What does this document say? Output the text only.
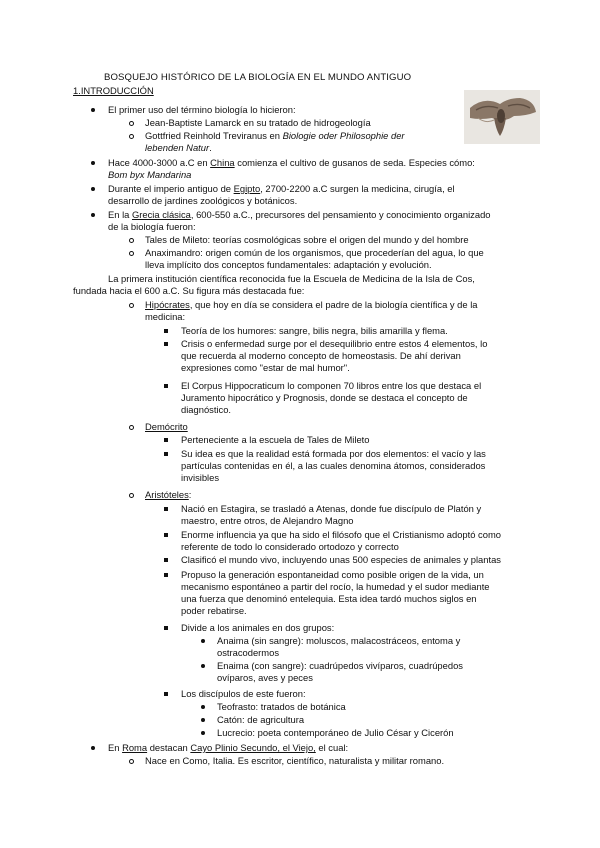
BOSQUEJO HISTÓRICO DE LA BIOLOGÍA EN EL MUNDO ANTIGUO
1.INTRODUCCIÓN
El primer uso del término biología lo hicieron:
Jean-Baptiste Lamarck en su tratado de hidrogeología
Gottfried Reinhold Treviranus en Biologie oder Philosophie der
lebenden Natur.
Hace 4000-3000 a.C en China comienza el cultivo de gusanos de seda. Especies cómo:
Bom byx Mandarina
Durante el imperio antiguo de Egipto, 2700-2200 a.C surgen la medicina, cirugía, el
desarrollo de jardines zoológicos y botánicos.
En la Grecia clásica, 600-550 a.C., precursores del pensamiento y conocimiento organizado
de la biología fueron:
Tales de Mileto: teorías cosmológicas sobre el origen del mundo y del hombre
Anaximandro: origen común de los organismos, que procederían del agua, lo que
lleva implícito dos conceptos fundamentales: adaptación y evolución.
La primera institución científica reconocida fue la Escuela de Medicina de la Isla de Cos,
fundada hacia el 600 a.C. Su figura más destacada fue:
Hipócrates, que hoy en día se considera el padre de la biología científica y de la
medicina:
Teoría de los humores: sangre, bilis negra, bilis amarilla y flema.
Crisis o enfermedad surge por el desequilibrio entre estos 4 elementos, lo
que recuerda al moderno concepto de homeostasis. De ahí derivan
expresiones como "estar de mal humor".
El Corpus Hippocraticum lo componen 70 libros entre los que destaca el
Juramento hipocrático y Prognosis, donde se destaca el concepto de
diagnóstico.
Demócrito
Perteneciente a la escuela de Tales de Mileto
Su idea es que la realidad está formada por dos elementos: el vacío y las
partículas contenidas en él, a las cuales denomina átomos, considerados
invisibles
Aristóteles:
Nació en Estagira, se trasladó a Atenas, donde fue discípulo de Platón y
maestro, entre otros, de Alejandro Magno
Enorme influencia ya que ha sido el filósofo que el Cristianismo adoptó como
referente de todo lo considerado ortodozo y correcto
Clasificó el mundo vivo, incluyendo unas 500 especies de animales y plantas
Propuso la generación espontaneidad como posible origen de la vida, un
mecanismo espontáneo a partir del rocío, la humedad y el sudor mediante
una fuerza que denominó entelequia. Esta idea tardó muchos siglos en
poder rebatirse.
Divide a los animales en dos grupos:
Anaima (sin sangre): moluscos, malacostráceos, entoma y
ostracodermos
Enaima (con sangre): cuadrúpedos vivíparos, cuadrúpedos
ovíparos, aves y peces
Los discípulos de este fueron:
Teofrasto: tratados de botánica
Catón: de agricultura
Lucrecio: poeta contemporáneo de Julio César y Cicerón
En Roma destacan Cayo Plinio Secundo, el Viejo, el cual:
Nace en Como, Italia. Es escritor, científico, naturalista y militar romano.
